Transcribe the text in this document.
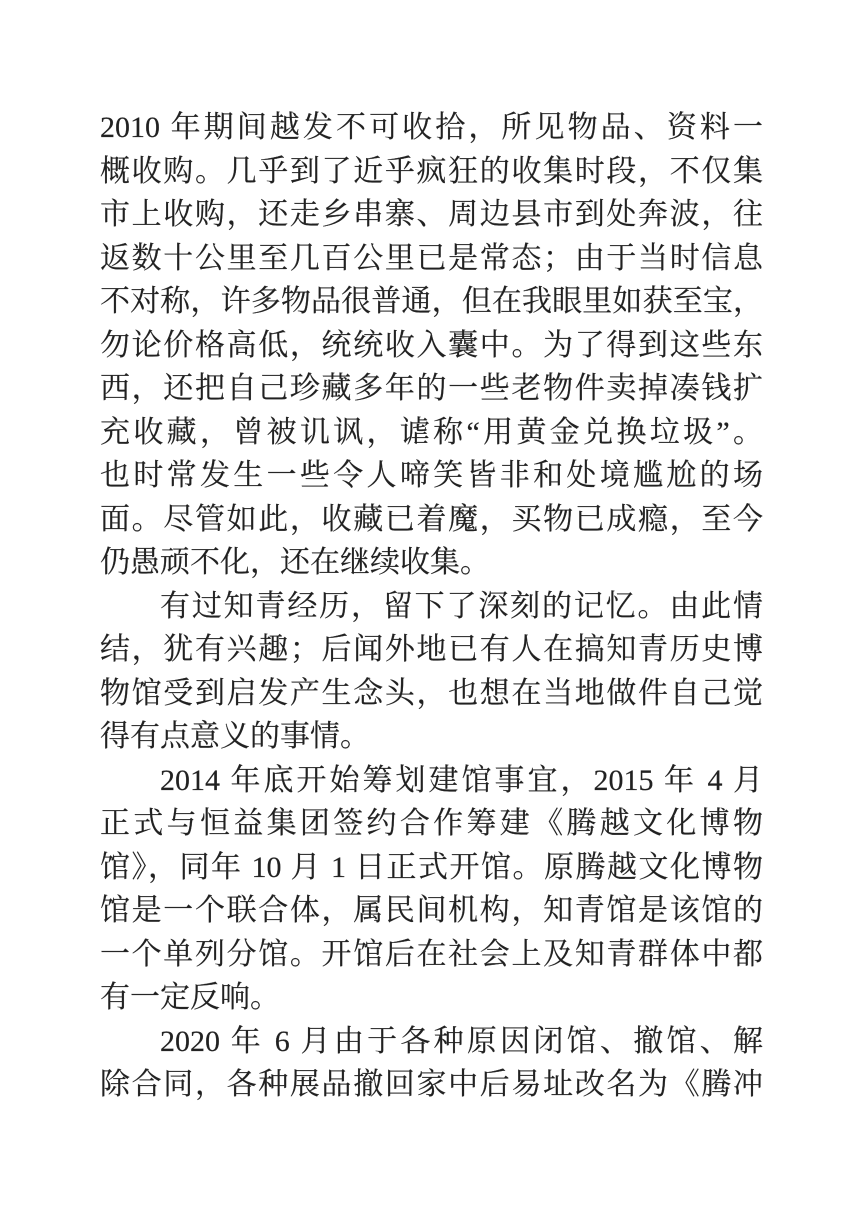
2010 年期间越发不可收拾，所见物品、资料一
概收购。几乎到了近乎疯狂的收集时段，不仅集
市上收购，还走乡串寨、周边县市到处奔波，往
返数十公里至几百公里已是常态；由于当时信息
不对称，许多物品很普通，但在我眼里如获至宝，
勿论价格高低，统统收入囊中。为了得到这些东
西，还把自己珍藏多年的一些老物件卖掉凑钱扩
充收藏，曾被讥讽，谑称“用黄金兑换垃圾”。
也时常发生一些令人啼笑皆非和处境尴尬的场
面。尽管如此，收藏已着魔，买物已成瘾，至今
仍愚顽不化，还在继续收集。
有过知青经历，留下了深刻的记忆。由此情
结，犹有兴趣；后闻外地已有人在搞知青历史博
物馆受到启发产生念头，也想在当地做件自己觉
得有点意义的事情。
2014 年底开始筹划建馆事宜，2015 年 4 月
正式与恒益集团签约合作筹建《腾越文化博物
馆》，同年 10 月 1 日正式开馆。原腾越文化博物
馆是一个联合体，属民间机构，知青馆是该馆的
一个单列分馆。开馆后在社会上及知青群体中都
有一定反响。
2020 年 6 月由于各种原因闭馆、撤馆、解
除合同，各种展品撤回家中后易址改名为《腾冲
